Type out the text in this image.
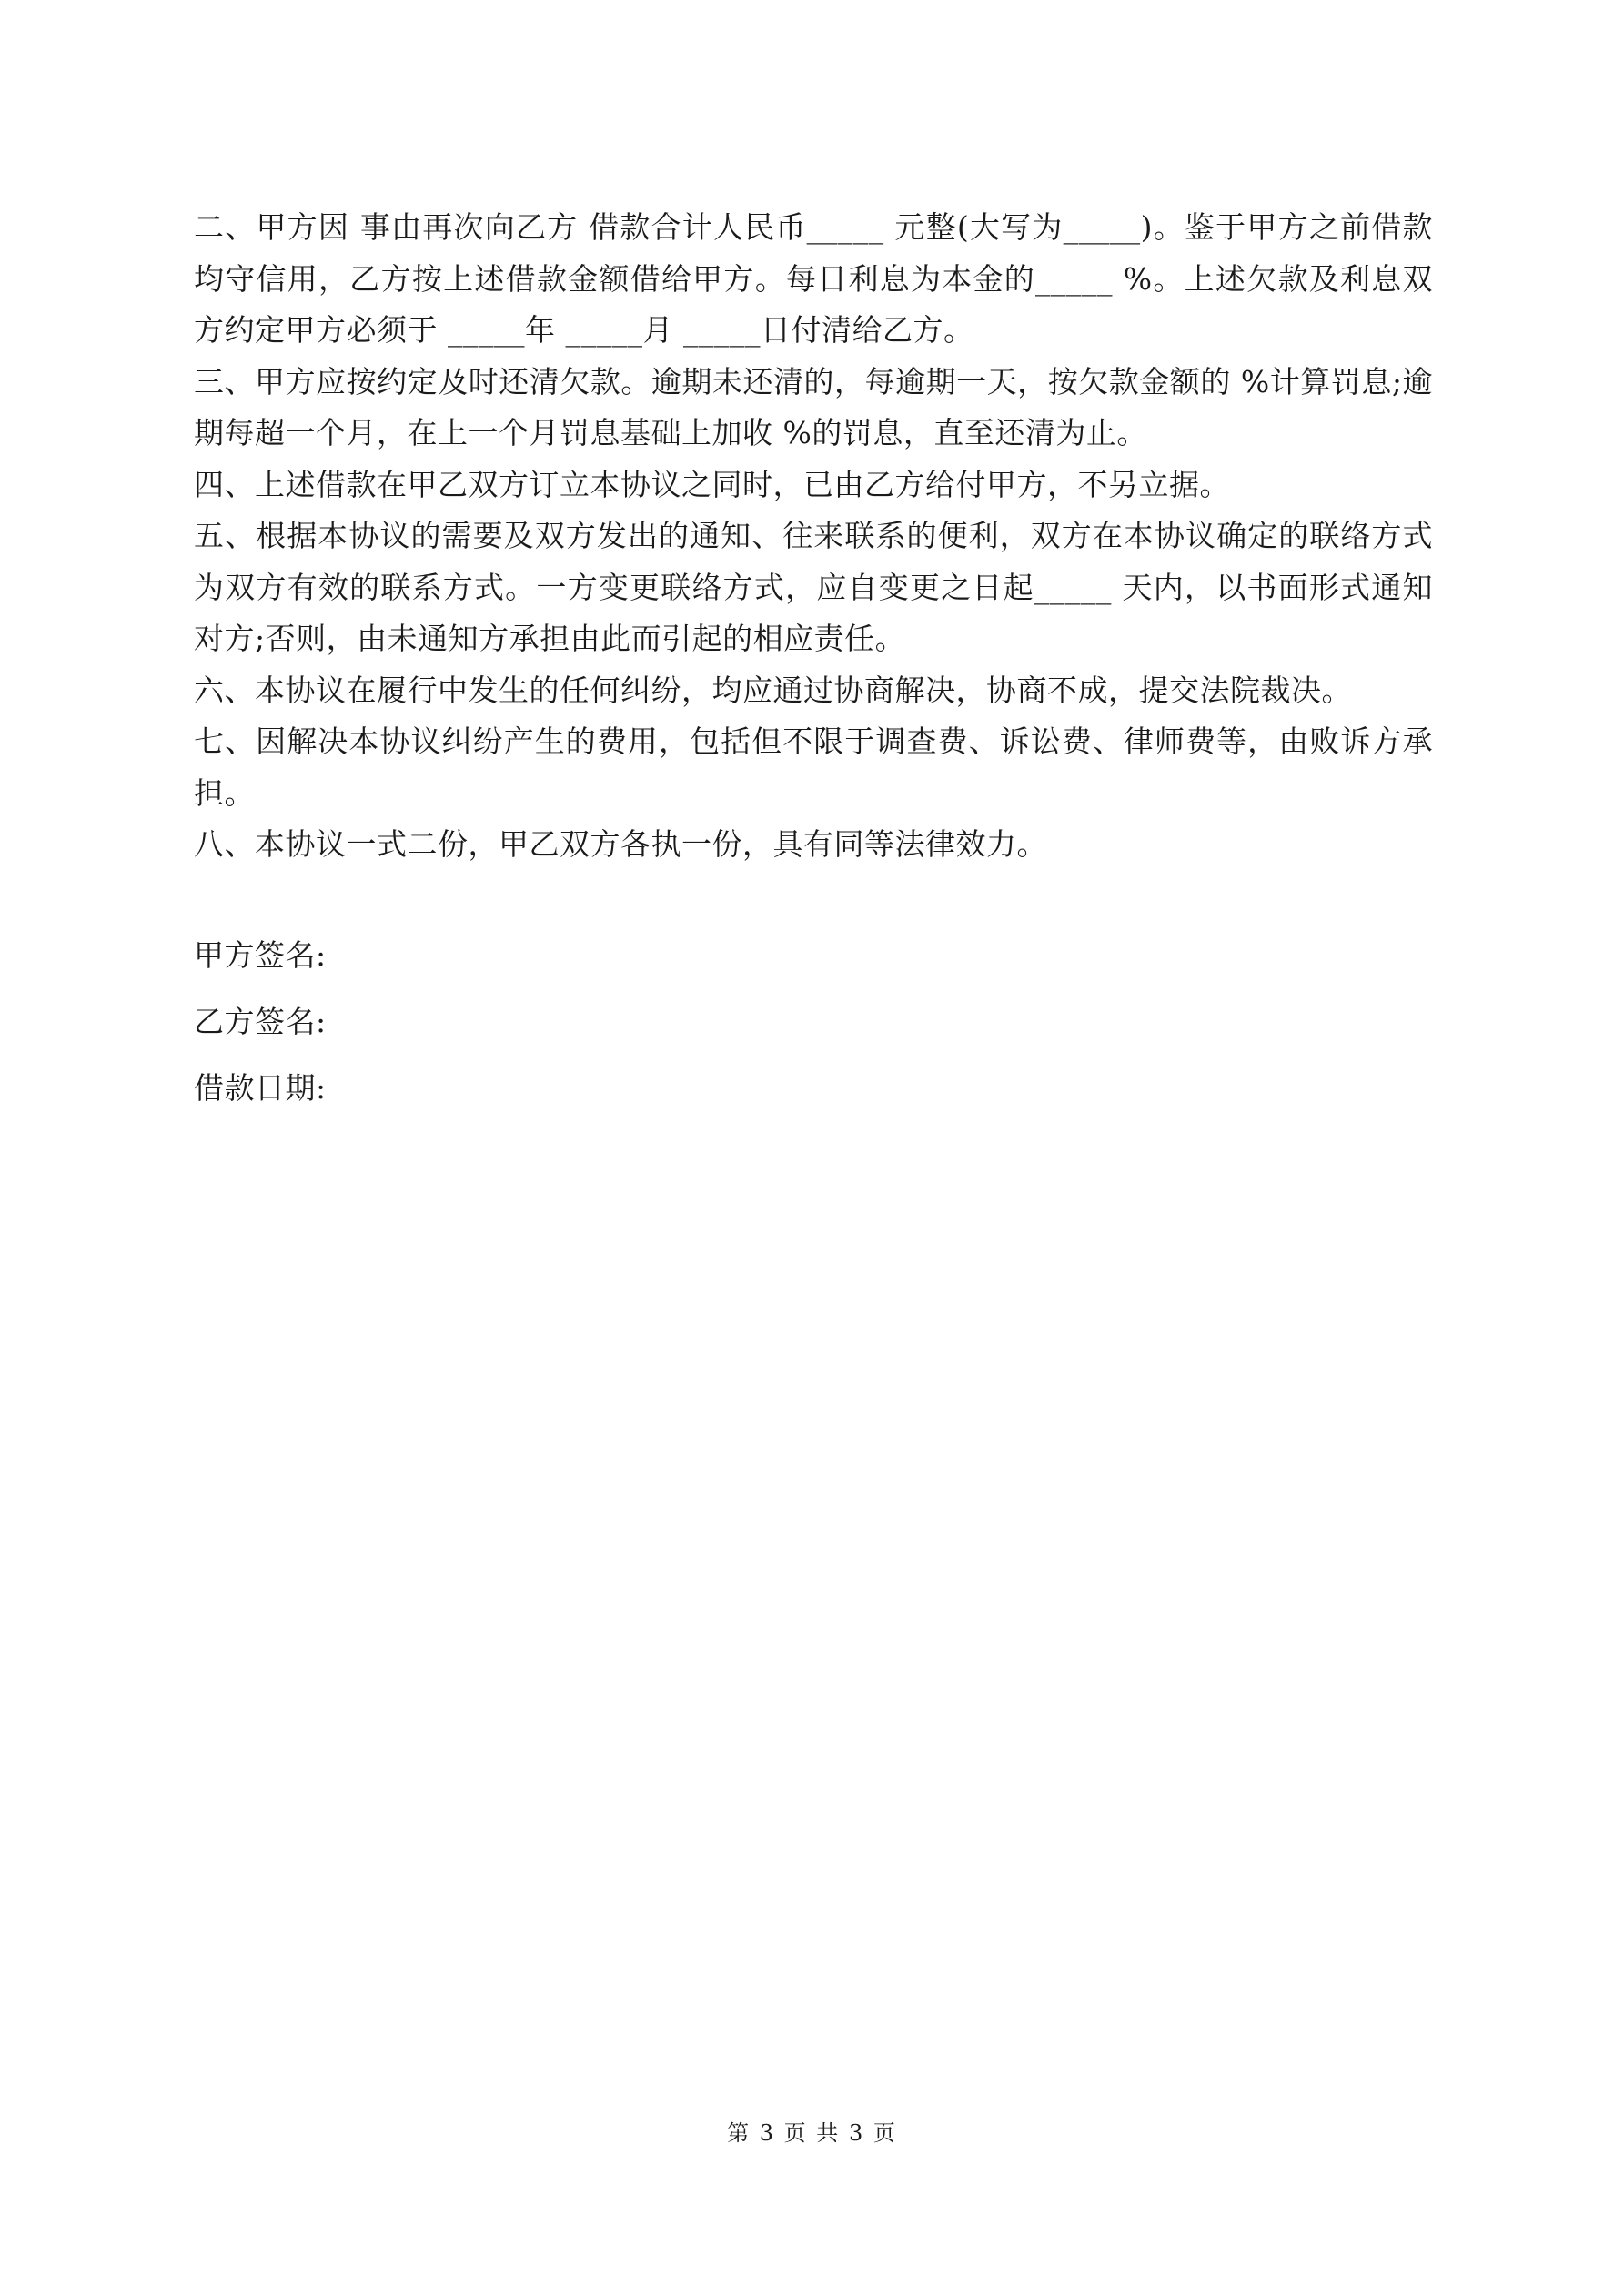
二、甲方因 事由再次向乙方 借款合计人民币_____ 元整(大写为_____)。鉴于甲方之前借款均守信用，乙方按上述借款金额借给甲方。每日利息为本金的_____ %。上述欠款及利息双方约定甲方必须于 _____年 _____月 _____日付清给乙方。

三、甲方应按约定及时还清欠款。逾期未还清的，每逾期一天，按欠款金额的 %计算罚息;逾期每超一个月，在上一个月罚息基础上加收 %的罚息，直至还清为止。

四、上述借款在甲乙双方订立本协议之同时，已由乙方给付甲方，不另立据。

五、根据本协议的需要及双方发出的通知、往来联系的便利，双方在本协议确定的联络方式为双方有效的联系方式。一方变更联络方式，应自变更之日起_____ 天内，以书面形式通知对方;否则，由未通知方承担由此而引起的相应责任。

六、本协议在履行中发生的任何纠纷，均应通过协商解决，协商不成，提交法院裁决。

七、因解决本协议纠纷产生的费用，包括但不限于调查费、诉讼费、律师费等，由败诉方承担。

八、本协议一式二份，甲乙双方各执一份，具有同等法律效力。

甲方签名:

乙方签名:

借款日期:

第 3 页 共 3 页
